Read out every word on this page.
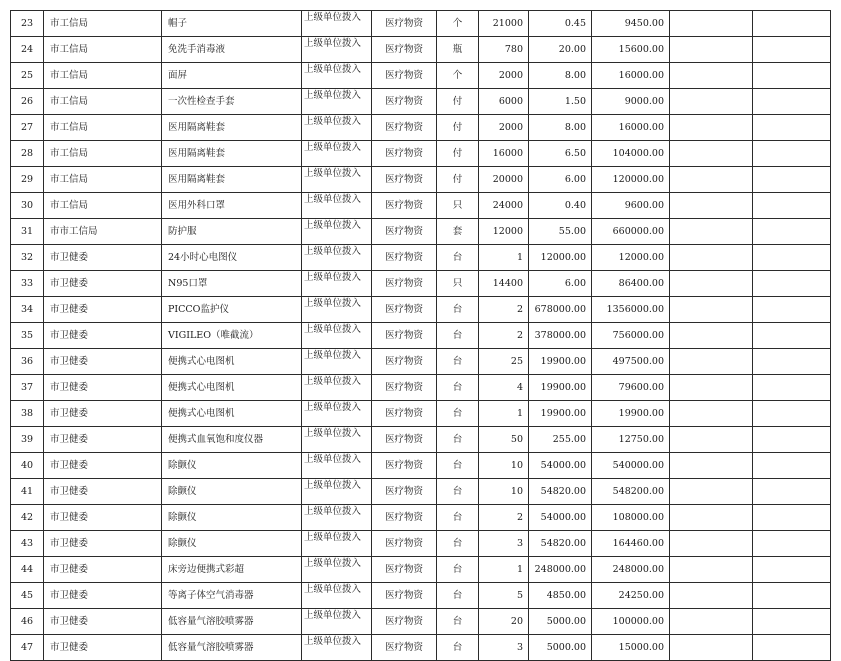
23	市工信局	帽子	上级单位拨入	医疗物资	个	21000	0.45	9450.00		
24	市工信局	免洗手消毒液	上级单位拨入	医疗物资	瓶	780	20.00	15600.00		
25	市工信局	面屏	上级单位拨入	医疗物资	个	2000	8.00	16000.00		
26	市工信局	一次性检查手套	上级单位拨入	医疗物资	付	6000	1.50	9000.00		
27	市工信局	医用隔离鞋套	上级单位拨入	医疗物资	付	2000	8.00	16000.00		
28	市工信局	医用隔离鞋套	上级单位拨入	医疗物资	付	16000	6.50	104000.00		
29	市工信局	医用隔离鞋套	上级单位拨入	医疗物资	付	20000	6.00	120000.00		
30	市工信局	医用外科口罩	上级单位拨入	医疗物资	只	24000	0.40	9600.00		
31	市市工信局	防护服	上级单位拨入	医疗物资	套	12000	55.00	660000.00		
32	市卫健委	24小时心电图仪	上级单位拨入	医疗物资	台	1	12000.00	12000.00		
33	市卫健委	N95口罩	上级单位拨入	医疗物资	只	14400	6.00	86400.00		
34	市卫健委	PICCO监护仪	上级单位拨入	医疗物资	台	2	678000.00	1356000.00		
35	市卫健委	VIGILEO（唯截流）	上级单位拨入	医疗物资	台	2	378000.00	756000.00		
36	市卫健委	便携式心电图机	上级单位拨入	医疗物资	台	25	19900.00	497500.00		
37	市卫健委	便携式心电图机	上级单位拨入	医疗物资	台	4	19900.00	79600.00		
38	市卫健委	便携式心电图机	上级单位拨入	医疗物资	台	1	19900.00	19900.00		
39	市卫健委	便携式血氧饱和度仪器	上级单位拨入	医疗物资	台	50	255.00	12750.00		
40	市卫健委	除颤仪	上级单位拨入	医疗物资	台	10	54000.00	540000.00		
41	市卫健委	除颤仪	上级单位拨入	医疗物资	台	10	54820.00	548200.00		
42	市卫健委	除颤仪	上级单位拨入	医疗物资	台	2	54000.00	108000.00		
43	市卫健委	除颤仪	上级单位拨入	医疗物资	台	3	54820.00	164460.00		
44	市卫健委	床旁边便携式彩超	上级单位拨入	医疗物资	台	1	248000.00	248000.00		
45	市卫健委	等离子体空气消毒器	上级单位拨入	医疗物资	台	5	4850.00	24250.00		
46	市卫健委	低容量气溶胶喷雾器	上级单位拨入	医疗物资	台	20	5000.00	100000.00		
47	市卫健委	低容量气溶胶喷雾器	上级单位拨入	医疗物资	台	3	5000.00	15000.00		
